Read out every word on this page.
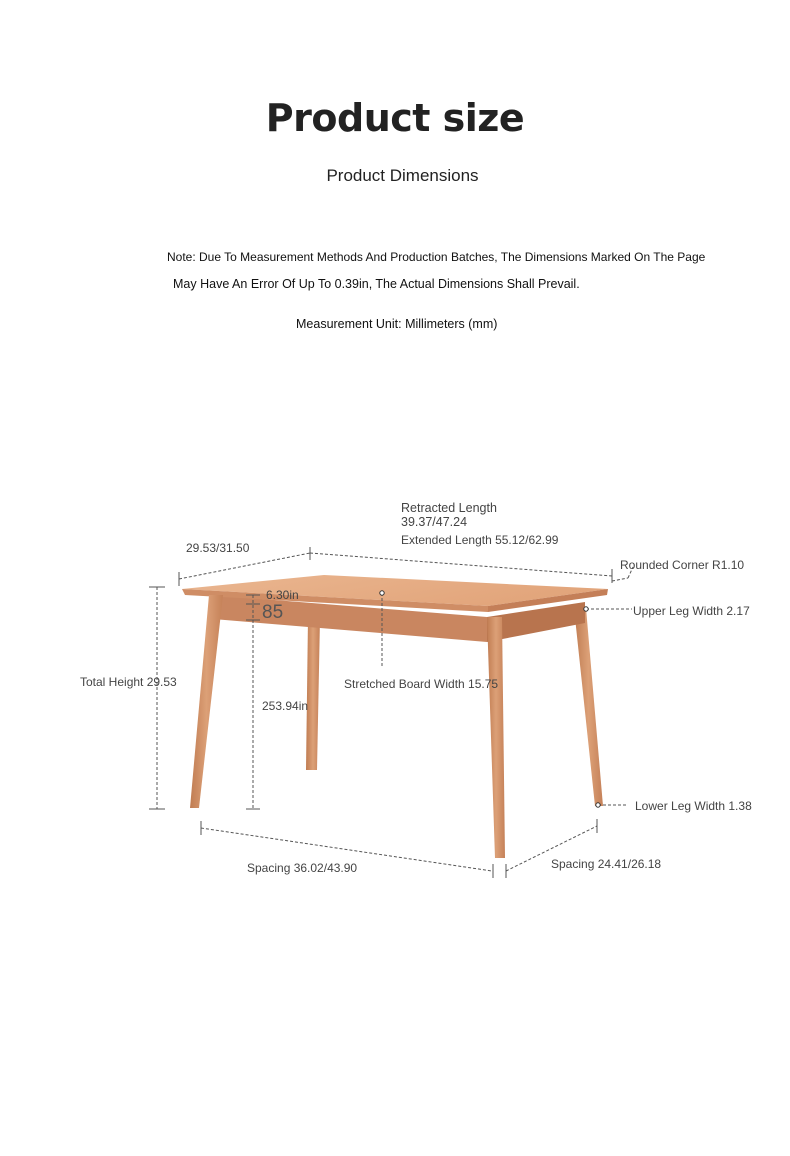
Product size
Product Dimensions
Note: Due To Measurement Methods And Production Batches, The Dimensions Marked On The Page
May Have An Error Of Up To 0.39in, The Actual Dimensions Shall Prevail.
Measurement Unit: Millimeters (mm)
Retracted Length
39.37/47.24
Extended Length 55.12/62.99
29.53/31.50
Rounded Corner R1.10
Upper Leg Width 2.17
6.30in
85
Total Height 29.53	Stretched Board Width 15.75
253.94in
Lower Leg Width 1.38
Spacing 36.02/43.90	Spacing 24.41/26.18
